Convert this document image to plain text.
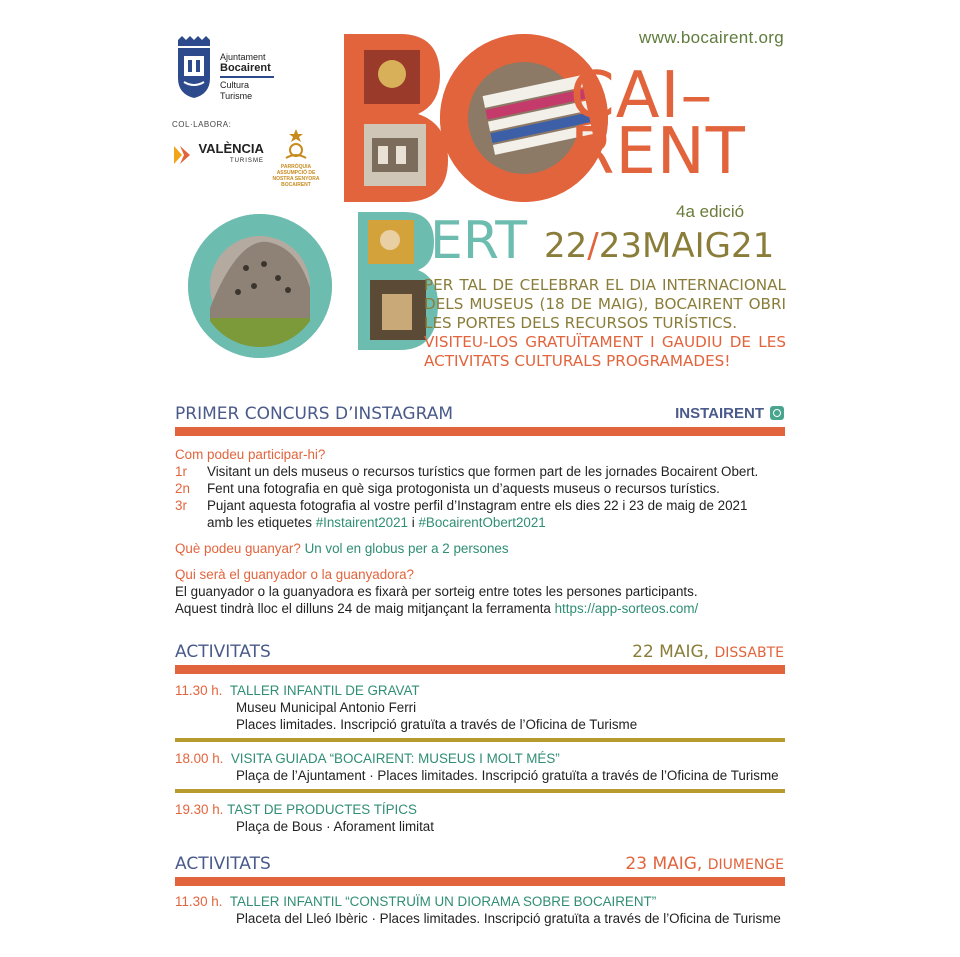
Ajuntament
Bocairent
Cultura
Turisme
COL·LABORA:
VALÈNCIA
TURISME
PARRÒQUIA
ASSUMPCIÓ DE
NOSTRA SENYORA
BOCAIRENT
www.bocairent.org
ERT
CAI–
RENT
4a edició
22/23MAIG21
PER TAL DE CELEBRAR EL DIA INTERNACIONAL DELS MUSEUS (18 DE MAIG), BOCAIRENT OBRI LES PORTES DELS RECURSOS TURÍSTICS.
VISITEU-LOS GRATUÏTAMENT I GAUDIU DE LES ACTIVITATS CULTURALS PROGRAMADES!
PRIMER CONCURS D’INSTAGRAM	INSTAIRENT
Com podeu participar-hi?
1r Visitant un dels museus o recursos turístics que formen part de les jornades Bocairent Obert.
2n Fent una fotografia en què siga protogonista un d’aquests museus o recursos turístics.
3r Pujant aquesta fotografia al vostre perfil d’Instagram entre els dies 22 i 23 de maig de 2021
amb les etiquetes #Instairent2021 i #BocairentObert2021
Què podeu guanyar? Un vol en globus per a 2 persones
Qui serà el guanyador o la guanyadora?
El guanyador o la guanyadora es fixarà per sorteig entre totes les persones participants.
Aquest tindrà lloc el dilluns 24 de maig mitjançant la ferramenta https://app-sorteos.com/
ACTIVITATS	22 MAIG, DISSABTE
11.30 h. TALLER INFANTIL DE GRAVAT
Museu Municipal Antonio Ferri
Places limitades. Inscripció gratuïta a través de l’Oficina de Turisme
18.00 h. VISITA GUIADA “BOCAIRENT: MUSEUS I MOLT MÉS”
Plaça de l’Ajuntament · Places limitades. Inscripció gratuïta a través de l’Oficina de Turisme
19.30 h. TAST DE PRODUCTES TÍPICS
Plaça de Bous · Aforament limitat
ACTIVITATS	23 MAIG, DIUMENGE
11.30 h. TALLER INFANTIL “CONSTRUÏM UN DIORAMA SOBRE BOCAIRENT”
Placeta del Lleó Ibèric · Places limitades. Inscripció gratuïta a través de l’Oficina de Turisme
